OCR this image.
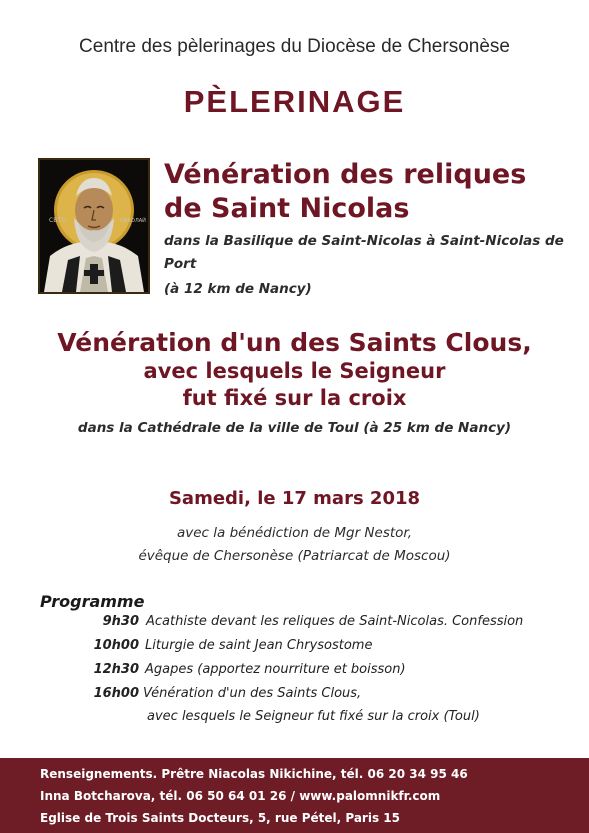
Centre des pèlerinages du Diocèse de Chersonèse
PÈLERINAGE
СВТЪ	НИКОЛАЙ
Vénération des reliques
de Saint Nicolas
dans la Basilique de Saint-Nicolas à Saint-Nicolas de Port
(à 12 km de Nancy)
Vénération d'un des Saints Clous,
avec lesquels le Seigneur
fut fixé sur la croix
dans la Cathédrale de la ville de Toul (à 25 km de Nancy)
Samedi, le 17 mars 2018
avec la bénédiction de Mgr Nestor,
évêque de Chersonèse (Patriarcat de Moscou)
Programme
9h30 Acathiste devant les reliques de Saint-Nicolas. Confession
10h00 Liturgie de saint Jean Chrysostome
12h30 Agapes (apportez nourriture et boisson)
16h00 Vénération d'un des Saints Clous,
avec lesquels le Seigneur fut fixé sur la croix (Toul)
Renseignements. Prêtre Niacolas Nikichine, tél. 06 20 34 95 46
Inna Botcharova, tél. 06 50 64 01 26 / www.palomnikfr.com
Eglise de Trois Saints Docteurs, 5, rue Pétel, Paris 15
